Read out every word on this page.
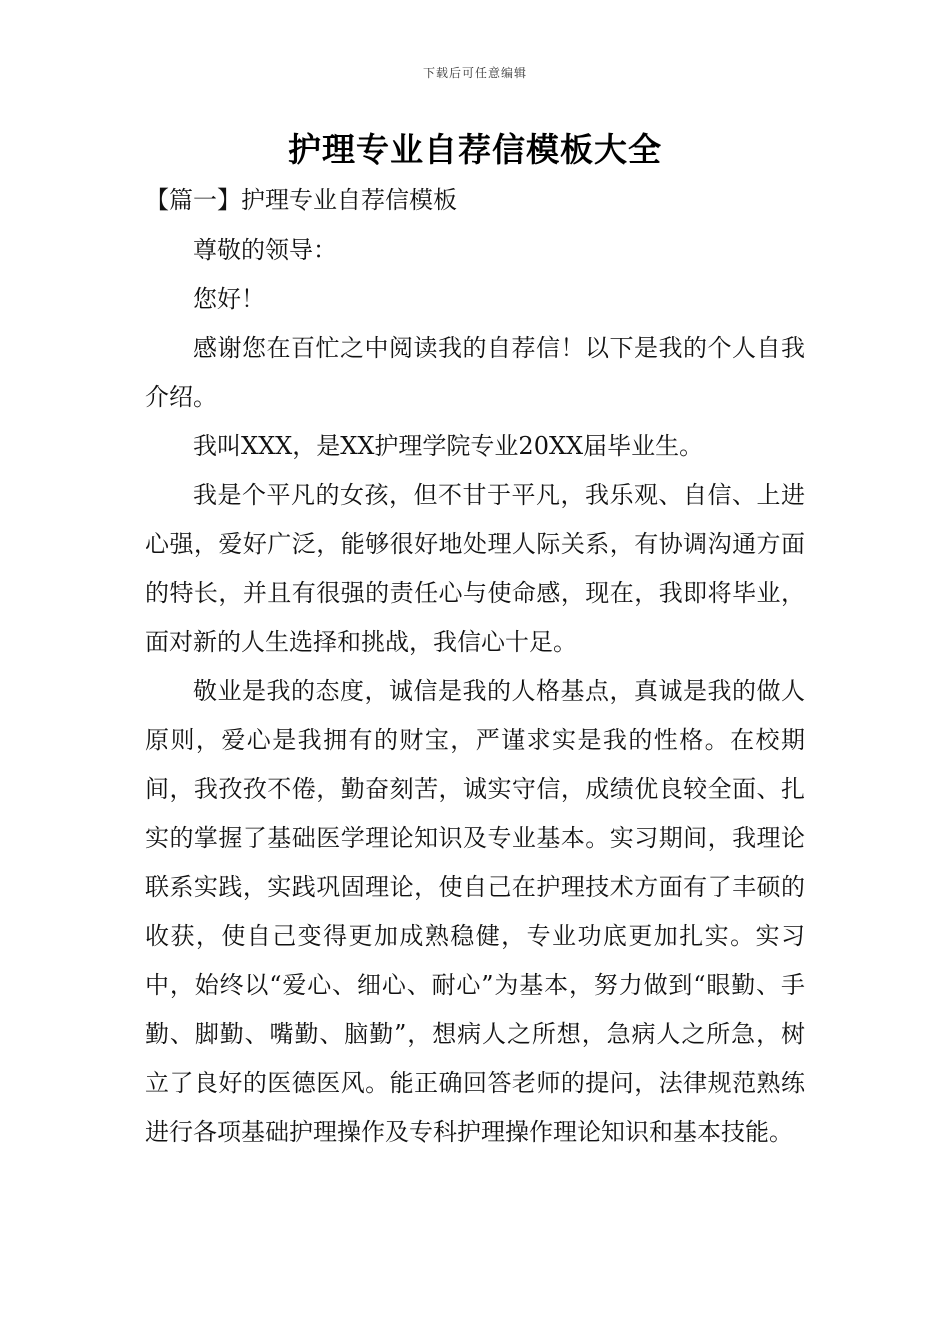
下载后可任意编辑
护理专业自荐信模板大全
【篇一】护理专业自荐信模板

尊敬的领导：

您好！

感谢您在百忙之中阅读我的自荐信！以下是我的个人自我介绍。

我叫XXX，是XX护理学院专业20XX届毕业生。

我是个平凡的女孩，但不甘于平凡，我乐观、自信、上进心强，爱好广泛，能够很好地处理人际关系，有协调沟通方面的特长，并且有很强的责任心与使命感，现在，我即将毕业，面对新的人生选择和挑战，我信心十足。

敬业是我的态度，诚信是我的人格基点，真诚是我的做人原则，爱心是我拥有的财宝，严谨求实是我的性格。在校期间，我孜孜不倦，勤奋刻苦，诚实守信，成绩优良较全面、扎实的掌握了基础医学理论知识及专业基本。实习期间，我理论联系实践，实践巩固理论，使自己在护理技术方面有了丰硕的收获，使自己变得更加成熟稳健，专业功底更加扎实。实习中，始终以“爱心、细心、耐心”为基本，努力做到“眼勤、手勤、脚勤、嘴勤、脑勤”，想病人之所想，急病人之所急，树立了良好的医德医风。能正确回答老师的提问，法律规范熟练进行各项基础护理操作及专科护理操作理论知识和基本技能。
